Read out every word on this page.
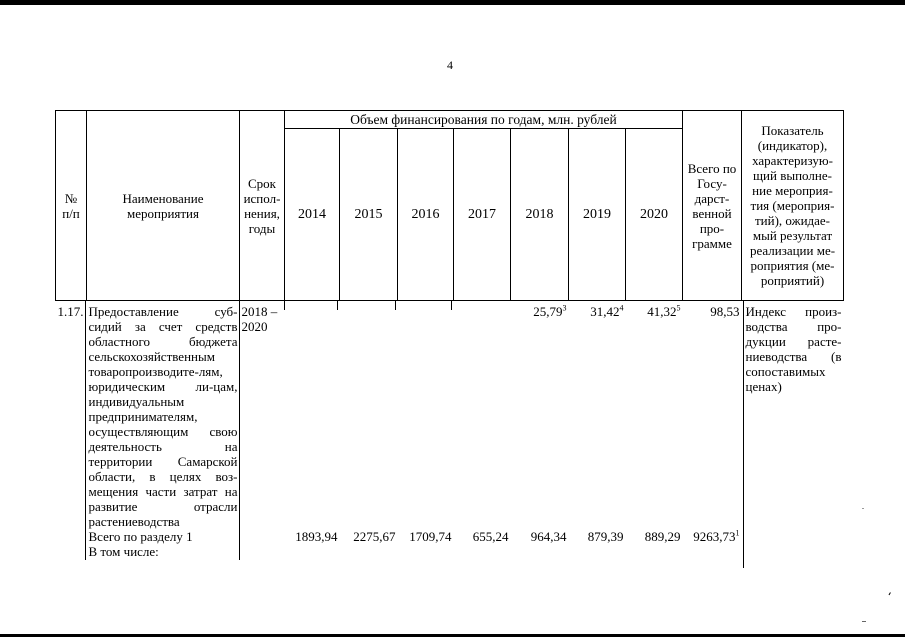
4
№ п/п	Наименование мероприятия	Срок испол-нения, годы	Объем финансирования по годам, млн. рублей							Всего по Госу-дарст-венной про-грамме	Показатель (индикатор), характеризую-щий выполне-ние мероприя-тия (мероприя-тий), ожидае-мый результат реализации ме-роприятия (ме-роприятий)
			2014	2015	2016	2017	2018	2019	2020		
1.17.	Предоставление суб-сидий за счет средств областного бюджета сельскохозяйственным товаропроизводите-лям, юридическим ли-цам, индивидуальным предпринимателям, осуществляющим свою деятельность на территории Самарской области, в целях воз-мещения части затрат на развитие отрасли растениеводства	2018 – 2020					25,79$^3$	31,42$^4$	41,32$^5$	98,53	Индекс произ-водства про-дукции расте-ниеводства (в сопоставимых ценах)
	Всего по разделу 1		1893,94	2275,67	1709,74	655,24	964,34	879,39	889,29	9263,73$^1$	
	В том числе:										
